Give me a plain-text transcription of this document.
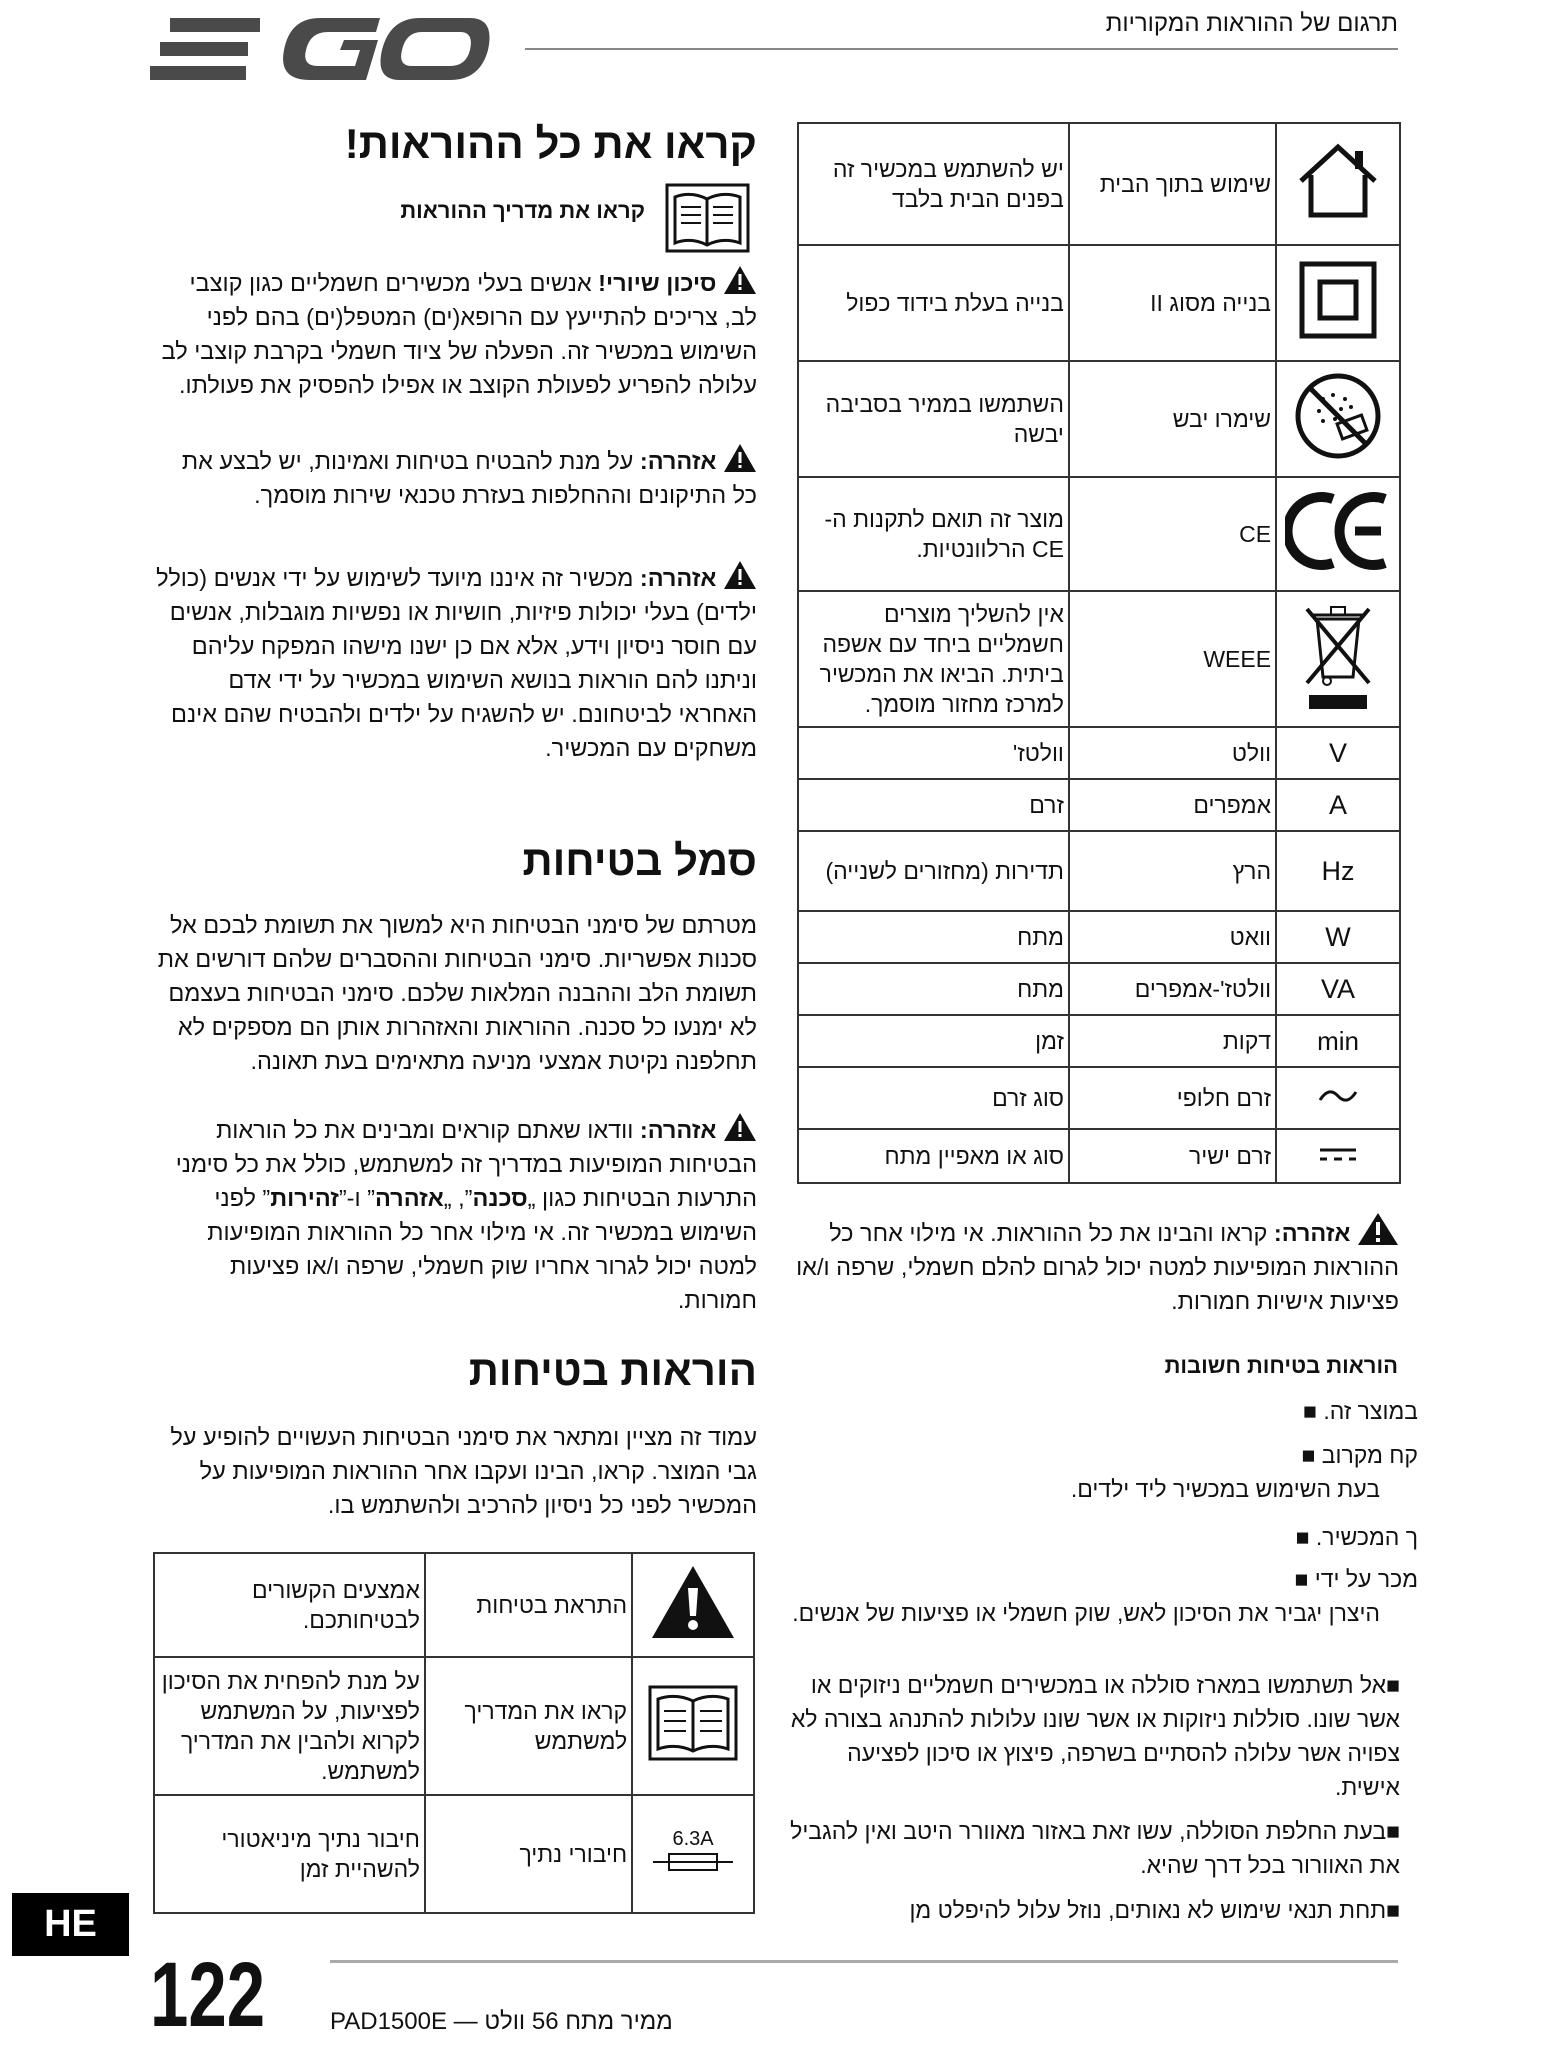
תרגום של ההוראות המקוריות
קראו את כל ההוראות!
קראו את מדריך ההוראות
סיכון שיורי! אנשים בעלי מכשירים חשמליים כגון קוצבי לב, צריכים להתייעץ עם הרופא(ים) המטפל(ים) בהם לפני השימוש במכשיר זה. הפעלה של ציוד חשמלי בקרבת קוצבי לב עלולה להפריע לפעולת הקוצב או אפילו להפסיק את פעולתו.
אזהרה: על מנת להבטיח בטיחות ואמינות, יש לבצע את כל התיקונים וההחלפות בעזרת טכנאי שירות מוסמך.
אזהרה: מכשיר זה איננו מיועד לשימוש על ידי אנשים (כולל ילדים) בעלי יכולות פיזיות, חושיות או נפשיות מוגבלות, אנשים עם חוסר ניסיון וידע, אלא אם כן ישנו מישהו המפקח עליהם וניתנו להם הוראות בנושא השימוש במכשיר על ידי אדם האחראי לביטחונם. יש להשגיח על ילדים ולהבטיח שהם אינם משחקים עם המכשיר.
סמל בטיחות
מטרתם של סימני הבטיחות היא למשוך את תשומת לבכם אל סכנות אפשריות. סימני הבטיחות וההסברים שלהם דורשים את תשומת הלב וההבנה המלאות שלכם. סימני הבטיחות בעצמם לא ימנעו כל סכנה. ההוראות והאזהרות אותן הם מספקים לא תחלפנה נקיטת אמצעי מניעה מתאימים בעת תאונה.
אזהרה: וודאו שאתם קוראים ומבינים את כל הוראות הבטיחות המופיעות במדריך זה למשתמש, כולל את כל סימני התרעות הבטיחות כגון „סכנה”, „אזהרה” ו-”זהירות” לפני השימוש במכשיר זה. אי מילוי אחר כל ההוראות המופיעות למטה יכול לגרור אחריו שוק חשמלי, שרפה ו/או פציעות חמורות.
הוראות בטיחות
עמוד זה מציין ומתאר את סימני הבטיחות העשויים להופיע על גבי המוצר. קראו, הבינו ועקבו אחר ההוראות המופיעות על המכשיר לפני כל ניסיון להרכיב ולהשתמש בו.
אמצעים הקשורים לבטיחותכם.	התראת בטיחות	
על מנת להפחית את הסיכון לפציעות, על המשתמש לקרוא ולהבין את המדריך למשתמש.	קראו את המדריך למשתמש	
חיבור נתיך מיניאטורי להשהיית זמן	חיבורי נתיך	6.3A
יש להשתמש במכשיר זה בפנים הבית בלבד	שימוש בתוך הבית	
בנייה בעלת בידוד כפול	בנייה מסוג II	
השתמשו בממיר בסביבה יבשה	שימרו יבש	
מוצר זה תואם לתקנות ה-CE הרלוונטיות.	CE	
אין להשליך מוצרים חשמליים ביחד עם אשפה ביתית. הביאו את המכשיר למרכז מחזור מוסמך.	WEEE	
וולטז'	וולט	V
זרם	אמפרים	A
תדירות (מחזורים לשנייה)	הרץ	Hz
מתח	וואט	W
מתח	וולטז'-אמפרים	VA
זמן	דקות	min
סוג זרם	זרם חלופי	
סוג או מאפיין מתח	זרם ישיר	
אזהרה: קראו והבינו את כל ההוראות. אי מילוי אחר כל ההוראות המופיעות למטה יכול לגרום להלם חשמלי, שרפה ו/או פציעות אישיות חמורות.
הוראות בטיחות חשובות
במוצר זה. ■
קח מקרוב ■
בעת השימוש במכשיר ליד ילדים.
ך המכשיר. ■
מכר על ידי ■
היצרן יגביר את הסיכון לאש, שוק חשמלי או פציעות של אנשים.
■אל תשתמשו במארז סוללה או במכשירים חשמליים ניזוקים או אשר שונו. סוללות ניזוקות או אשר שונו עלולות להתנהג בצורה לא צפויה אשר עלולה להסתיים בשרפה, פיצוץ או סיכון לפציעה אישית.
■בעת החלפת הסוללה, עשו זאת באזור מאוורר היטב ואין להגביל את האוורור בכל דרך שהיא.
■תחת תנאי שימוש לא נאותים, נוזל עלול להיפלט מן
HE
122	PAD1500E — ממיר מתח 56 וולט
